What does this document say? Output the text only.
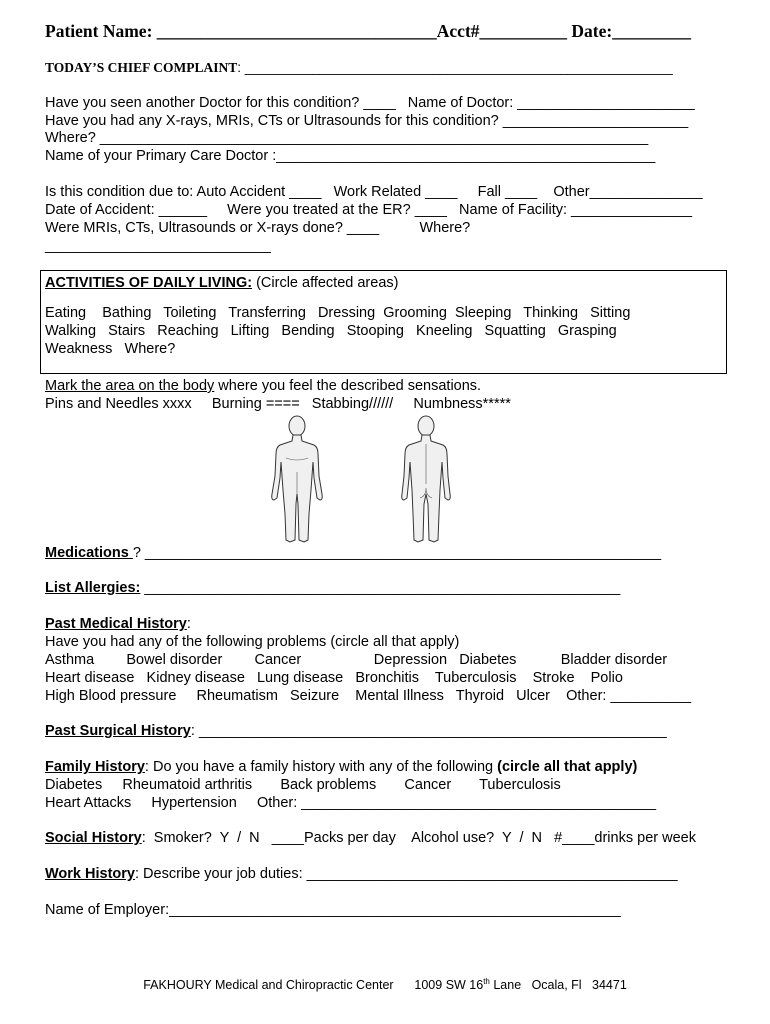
Patient Name: ________________________________Acct#__________ Date:_________
TODAY’S CHIEF COMPLAINT: _________________________________________________________
Have you seen another Doctor for this condition? ____   Name of Doctor: ______________________
Have you had any X-rays, MRIs, CTs or Ultrasounds for this condition? _______________________
Where? ____________________________________________________________________
Name of your Primary Care Doctor :_______________________________________________
Is this condition due to: Auto Accident ____   Work Related ____     Fall ____    Other______________
Date of Accident: ______     Were you treated at the ER? ____   Name of Facility: _______________
Were MRIs, CTs, Ultrasounds or X-rays done? ____          Where?
____________________________
ACTIVITIES OF DAILY LIVING: (Circle affected areas)
Eating    Bathing   Toileting   Transferring   Dressing  Grooming  Sleeping   Thinking   Sitting
Walking   Stairs   Reaching   Lifting   Bending   Stooping   Kneeling   Squatting   Grasping
Weakness   Where?
Mark the area on the body where you feel the described sensations.
Pins and Needles xxxx     Burning ====   Stabbing//////     Numbness*****
Medications ? ________________________________________________________________
List Allergies: ___________________________________________________________
Past Medical History:
Have you had any of the following problems (circle all that apply)
Asthma        Bowel disorder        Cancer                  Depression   Diabetes           Bladder disorder
Heart disease   Kidney disease   Lung disease   Bronchitis    Tuberculosis    Stroke    Polio
High Blood pressure     Rheumatism   Seizure    Mental Illness   Thyroid   Ulcer    Other: __________
Past Surgical History: __________________________________________________________
Family History: Do you have a family history with any of the following (circle all that apply)
Diabetes     Rheumatoid arthritis       Back problems       Cancer       Tuberculosis
Heart Attacks     Hypertension     Other: ____________________________________________
Social History:  Smoker?  Y  /  N   ____Packs per day    Alcohol use?  Y  /  N   #____drinks per week
Work History: Describe your job duties: ______________________________________________
Name of Employer:________________________________________________________
FAKHOURY Medical and Chiropractic Center      1009 SW 16th Lane   Ocala, Fl   34471
